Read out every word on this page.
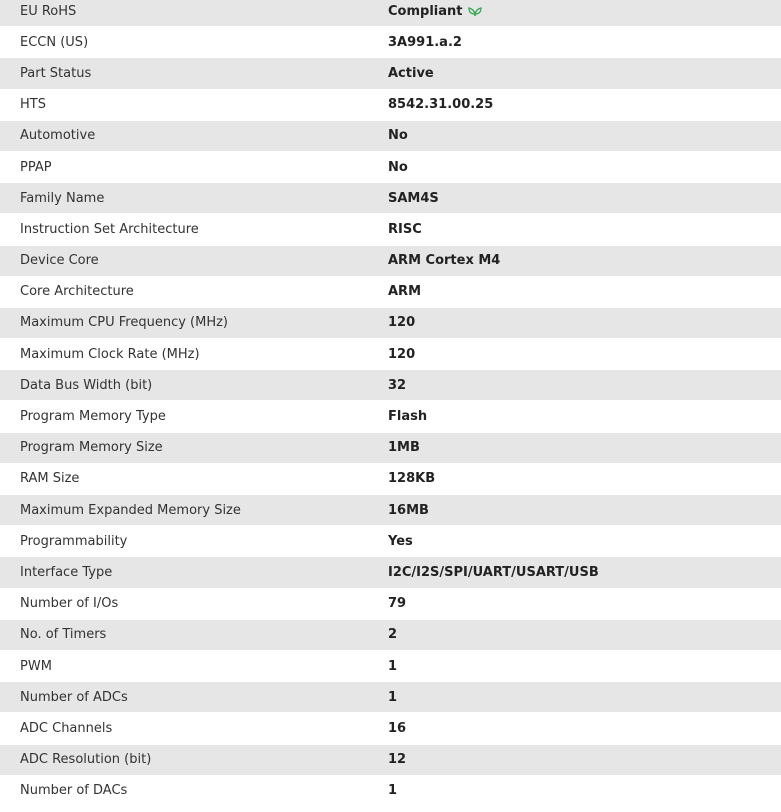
EU RoHS	Compliant
ECCN (US)	3A991.a.2
Part Status	Active
HTS	8542.31.00.25
Automotive	No
PPAP	No
Family Name	SAM4S
Instruction Set Architecture	RISC
Device Core	ARM Cortex M4
Core Architecture	ARM
Maximum CPU Frequency (MHz)	120
Maximum Clock Rate (MHz)	120
Data Bus Width (bit)	32
Program Memory Type	Flash
Program Memory Size	1MB
RAM Size	128KB
Maximum Expanded Memory Size	16MB
Programmability	Yes
Interface Type	I2C/I2S/SPI/UART/USART/USB
Number of I/Os	79
No. of Timers	2
PWM	1
Number of ADCs	1
ADC Channels	16
ADC Resolution (bit)	12
Number of DACs	1
